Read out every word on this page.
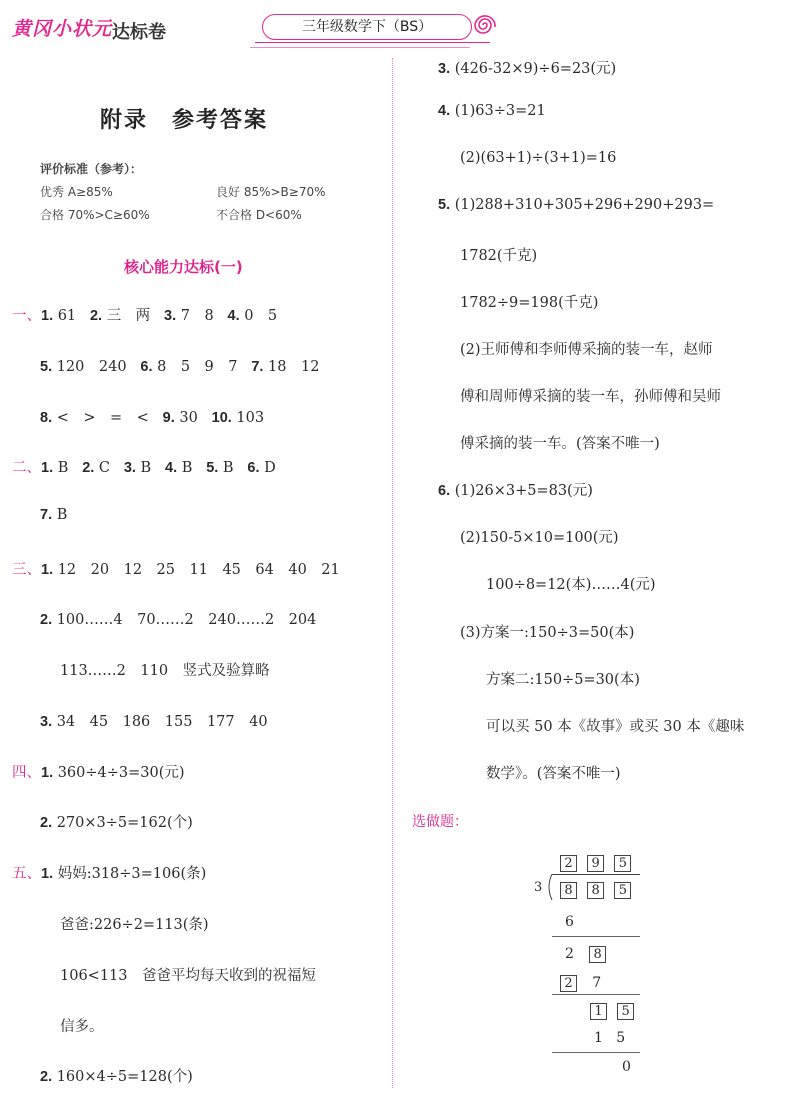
黄冈小状元 达标卷	三年级数学下（BS）
附录　参考答案
评价标准（参考）：
优秀 A≥85%	良好 85%>B≥70%
合格 70%>C≥60%	不合格 D<60%
核心能力达标(一)
一、1. 61 2. 三　两 3. 7　8 4. 0　5
5. 120　240 6. 8　5　9　7 7. 18　12
8. <　>　=　< 9. 30 10. 103
二、1. B 2. C 3. B 4. B 5. B 6. D
7. B
三、1. 12　20　12　25　11　45　64　40　21
2. 100……4　70……2　240……2　204
113……2　110　竖式及验算略
3. 34　45　186　155　177　40
四、1. 360÷4÷3=30(元)
2. 270×3÷5=162(个)
五、1. 妈妈:318÷3=106(条)
爸爸:226÷2=113(条)
106<113　爸爸平均每天收到的祝福短
信多。
2. 160×4÷5=128(个)
3. (426-32×9)÷6=23(元)
4. (1)63÷3=21
(2)(63+1)÷(3+1)=16
5. (1)288+310+305+296+290+293=
1782(千克)
1782÷9=198(千克)
(2)王师傅和李师傅采摘的装一车，赵师
傅和周师傅采摘的装一车，孙师傅和吴师
傅采摘的装一车。(答案不唯一)
6. (1)26×3+5=83(元)
(2)150-5×10=100(元)
100÷8=12(本)……4(元)
(3)方案一:150÷3=50(本)
方案二:150÷5=30(本)
可以买 50 本《故事》或买 30 本《趣味
数学》。(答案不唯一)
选做题：
2 9 5
3	8 8 5
6
2 8
2 7
1 5
1 5
0
